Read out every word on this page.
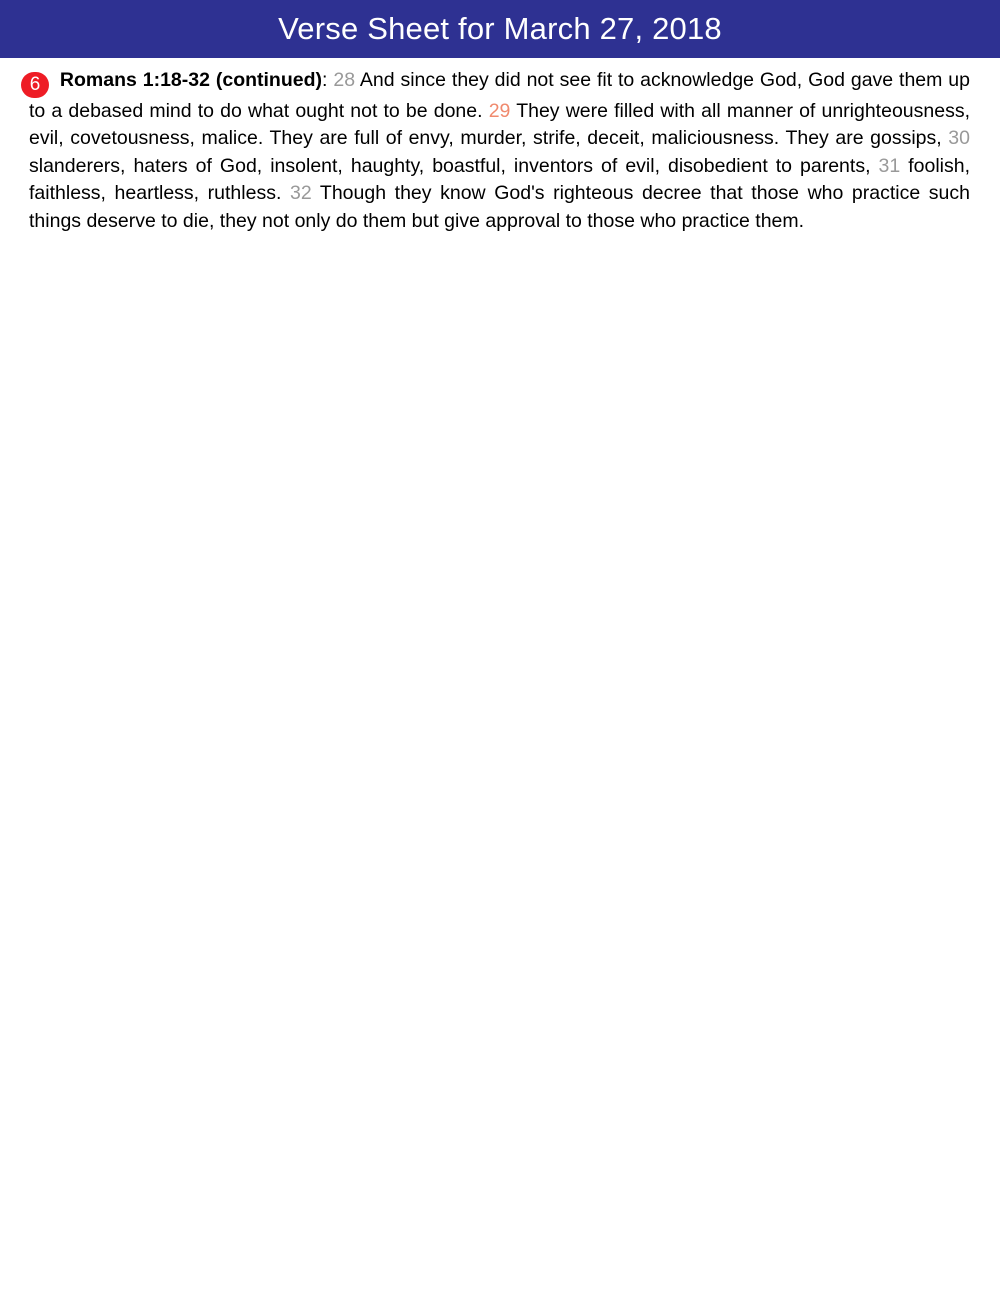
Verse Sheet for March 27, 2018
6 Romans 1:18-32 (continued): 28 And since they did not see fit to acknowledge God, God gave them up to a debased mind to do what ought not to be done. 29 They were filled with all manner of unrighteousness, evil, covetousness, malice. They are full of envy, murder, strife, deceit, maliciousness. They are gossips, 30 slanderers, haters of God, insolent, haughty, boastful, inventors of evil, disobedient to parents, 31 foolish, faithless, heartless, ruthless. 32 Though they know God's righteous decree that those who practice such things deserve to die, they not only do them but give approval to those who practice them.
